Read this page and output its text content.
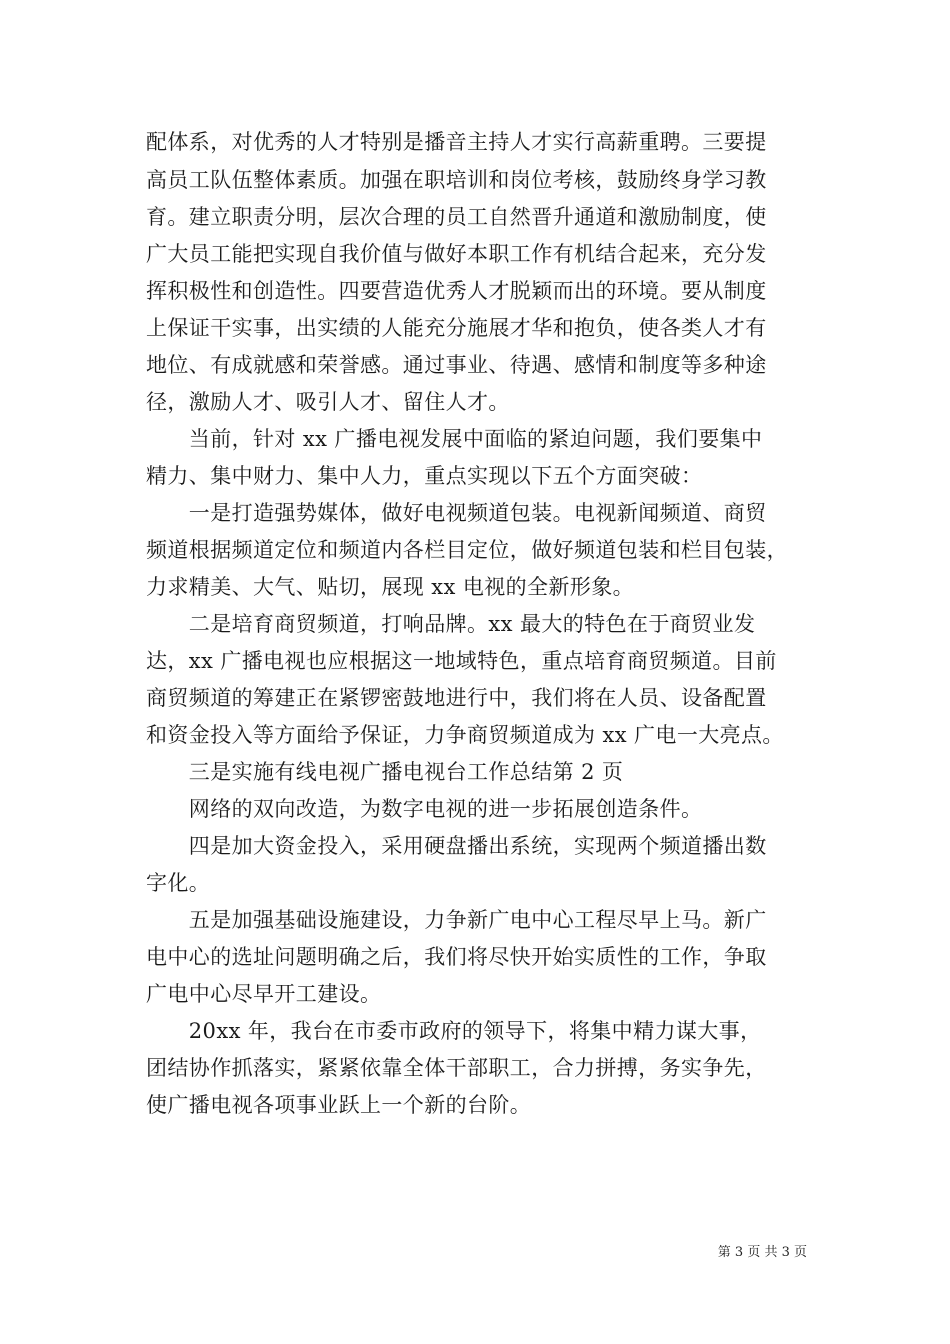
配体系，对优秀的人才特别是播音主持人才实行高薪重聘。三要提
高员工队伍整体素质。加强在职培训和岗位考核，鼓励终身学习教
育。建立职责分明，层次合理的员工自然晋升通道和激励制度，使
广大员工能把实现自我价值与做好本职工作有机结合起来，充分发
挥积极性和创造性。四要营造优秀人才脱颖而出的环境。要从制度
上保证干实事，出实绩的人能充分施展才华和抱负，使各类人才有
地位、有成就感和荣誉感。通过事业、待遇、感情和制度等多种途
径，激励人才、吸引人才、留住人才。
　　当前，针对 xx 广播电视发展中面临的紧迫问题，我们要集中
精力、集中财力、集中人力，重点实现以下五个方面突破：
　　一是打造强势媒体，做好电视频道包装。电视新闻频道、商贸
频道根据频道定位和频道内各栏目定位，做好频道包装和栏目包装，
力求精美、大气、贴切，展现 xx 电视的全新形象。
　　二是培育商贸频道，打响品牌。xx 最大的特色在于商贸业发
达，xx 广播电视也应根据这一地域特色，重点培育商贸频道。目前
商贸频道的筹建正在紧锣密鼓地进行中，我们将在人员、设备配置
和资金投入等方面给予保证，力争商贸频道成为 xx 广电一大亮点。
　　三是实施有线电视广播电视台工作总结第 2 页
　　网络的双向改造，为数字电视的进一步拓展创造条件。
　　四是加大资金投入，采用硬盘播出系统，实现两个频道播出数
字化。
　　五是加强基础设施建设，力争新广电中心工程尽早上马。新广
电中心的选址问题明确之后，我们将尽快开始实质性的工作，争取
广电中心尽早开工建设。
　　20xx 年，我台在市委市政府的领导下，将集中精力谋大事，
团结协作抓落实，紧紧依靠全体干部职工，合力拼搏，务实争先，
使广播电视各项事业跃上一个新的台阶。
第 3 页 共 3 页
